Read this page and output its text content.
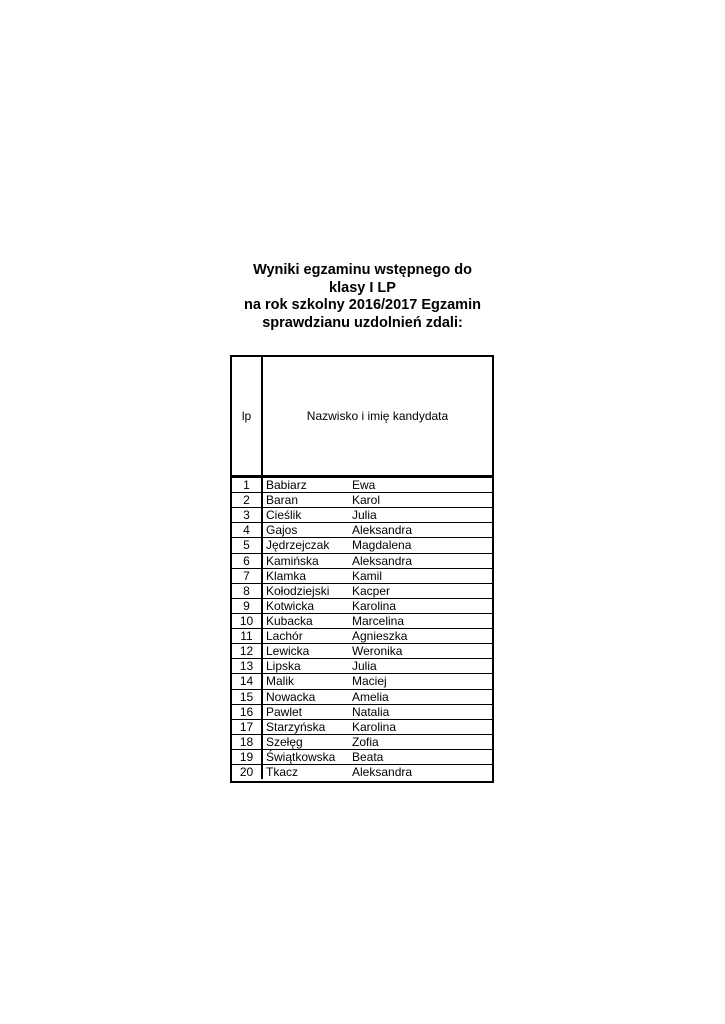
Wyniki egzaminu wstępnego do
klasy I LP
na rok szkolny 2016/2017 Egzamin
sprawdzianu uzdolnień zdali:
lp	Nazwisko i imię kandydata
1	Babiarz	Ewa
2	Baran	Karol
3	Cieślik	Julia
4	Gajos	Aleksandra
5	Jędrzejczak Magdalena
6	Kamińska	Aleksandra
7	Klamka	Kamil
8	Kołodziejski Kacper
9	Kotwicka	Karolina
10	Kubacka	Marcelina
11	Lachór	Agnieszka
12	Lewicka	Weronika
13	Lipska	Julia
14	Malik	Maciej
15	Nowacka	Amelia
16	Pawlet	Natalia
17	Starzyńska Karolina
18	Szełęg	Zofia
19	Świątkowska Beata
20	Tkacz	Aleksandra
